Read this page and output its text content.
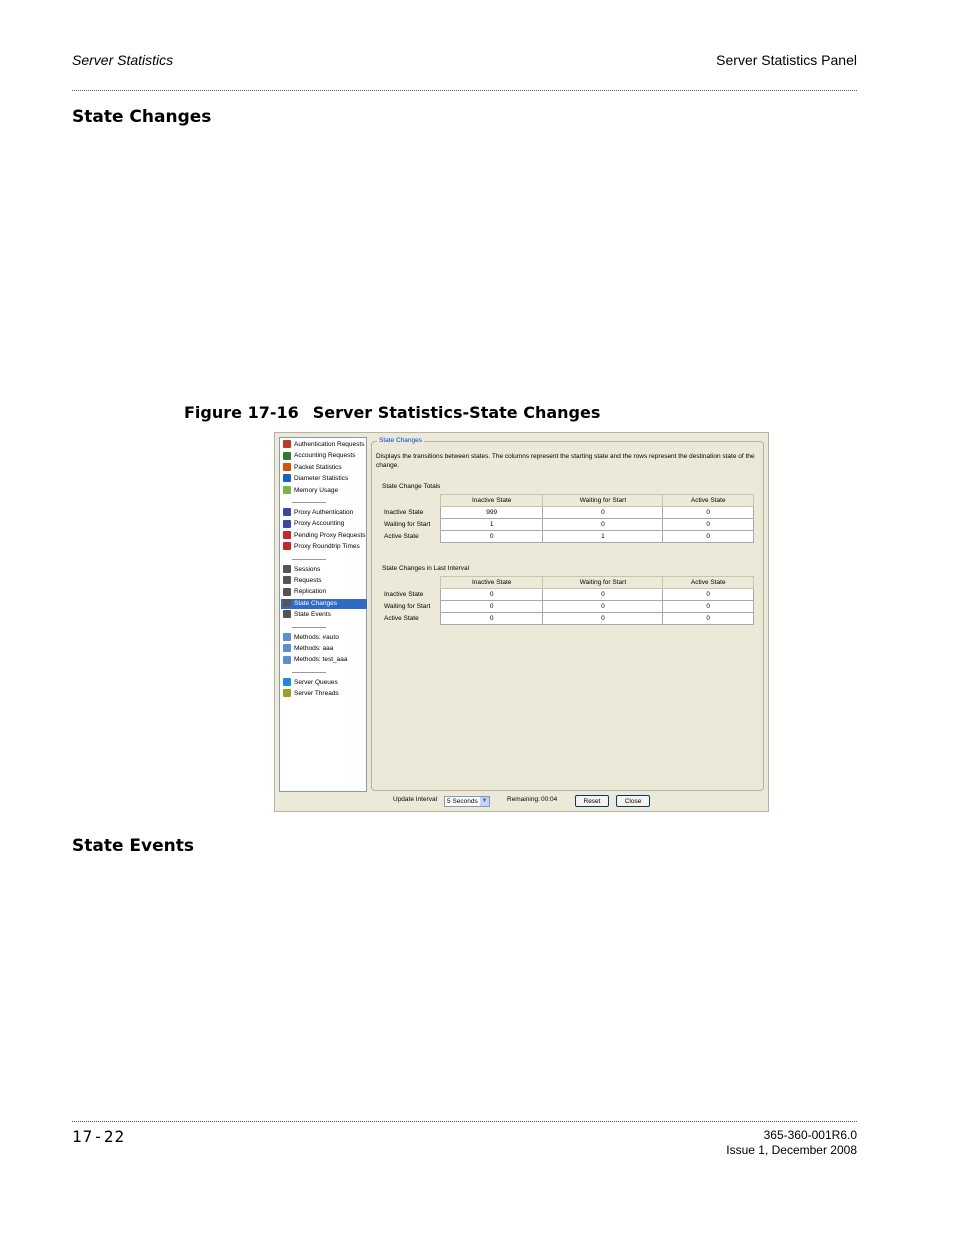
Server Statistics	Server Statistics Panel
State Changes
Figure 17-16 Server Statistics-State Changes
Authentication Requests
Accounting Requests
Packet Statistics
Diameter Statistics
Memory Usage
Proxy Authentication
Proxy Accounting
Pending Proxy Requests
Proxy Roundtrip Times
Sessions
Requests
Replication
State Changes
State Events
Methods: #auto
Methods: aaa
Methods: test_aaa
Server Queues
Server Threads
State Changes
Displays the transitions between states. The columns represent the starting state and the rows represent the destination state of the change.
State Change Totals
	Inactive State	Waiting for Start	Active State
Inactive State	999	0	0
Waiting for Start	1	0	0
Active State	0	1	0
State Changes in Last Interval
	Inactive State	Waiting for Start	Active State
Inactive State	0	0	0
Waiting for Start	0	0	0
Active State	0	0	0
Update Interval	5 Seconds ▼	Remaining: 00:04	Reset	Close
State Events
17-22	365-360-001R6.0
Issue 1, December 2008
